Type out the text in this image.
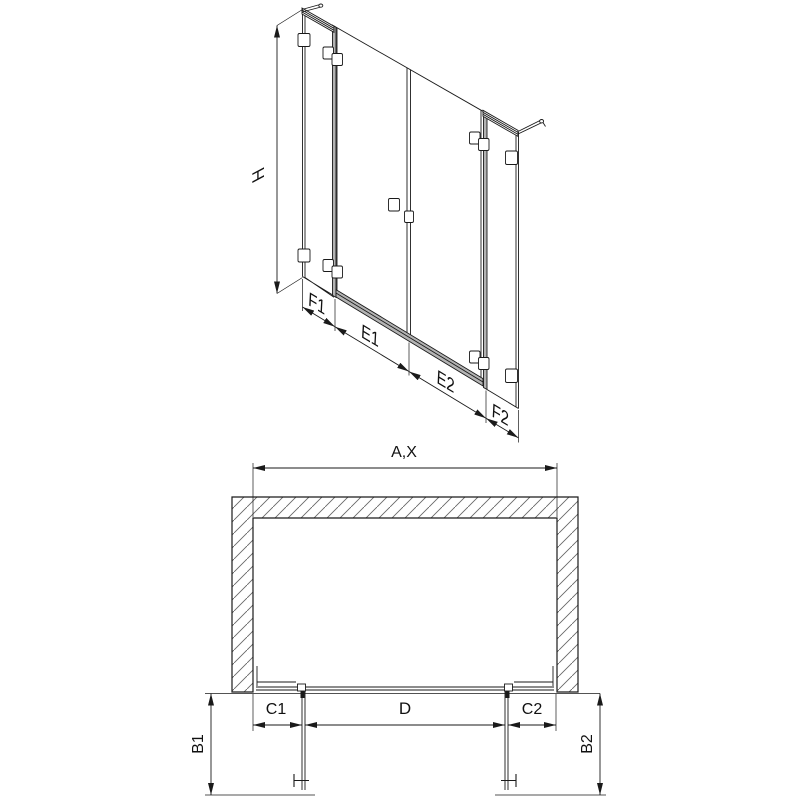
H
F1
E1
E2
F2
A,X
C1	D	C2
B1	B2
